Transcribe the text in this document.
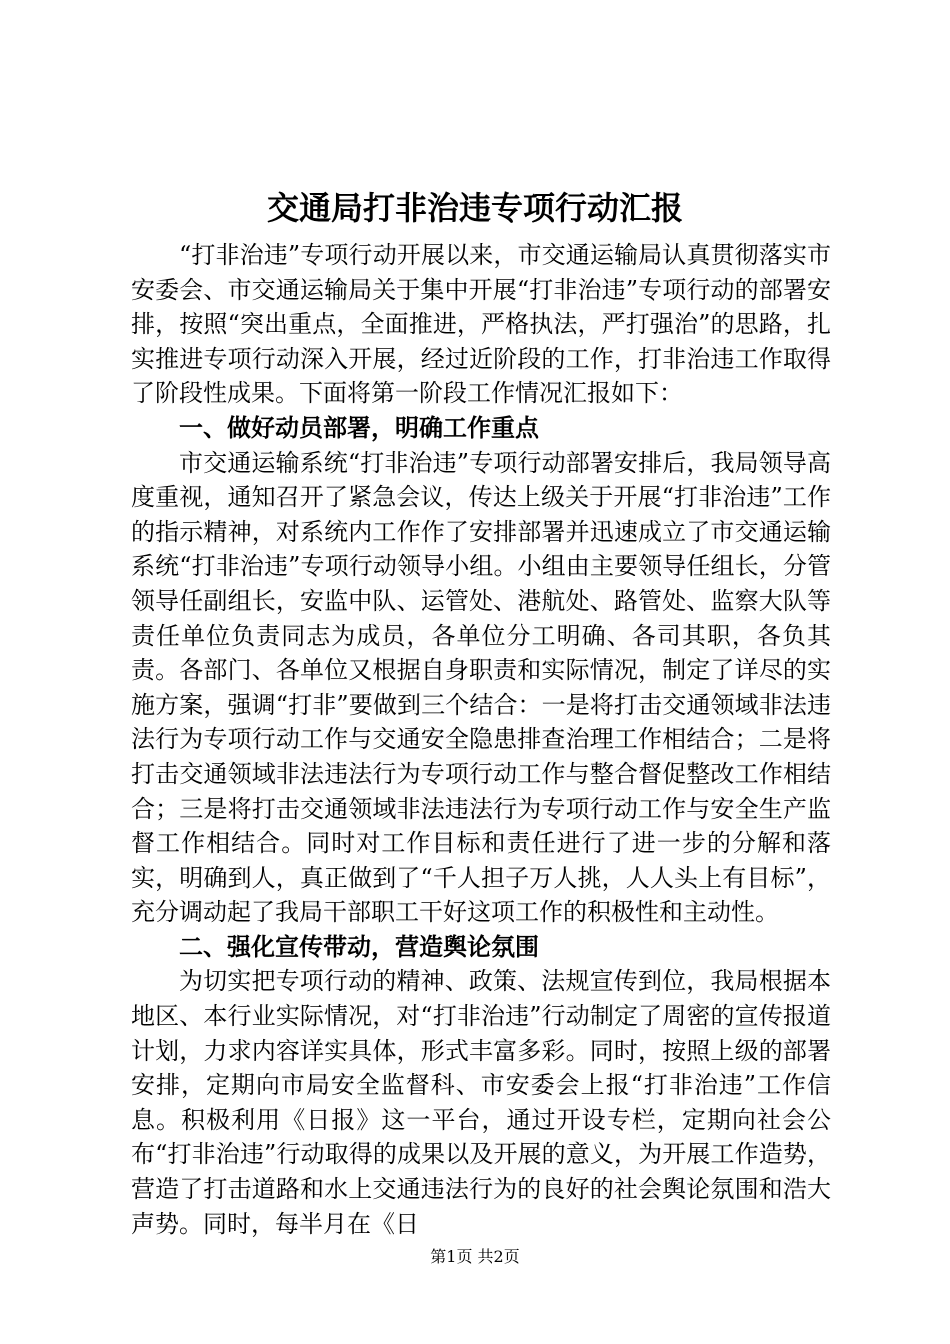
交通局打非治违专项行动汇报

“打非治违”专项行动开展以来，市交通运输局认真贯彻落实市安委会、市交通运输局关于集中开展“打非治违”专项行动的部署安排，按照“突出重点，全面推进，严格执法，严打强治”的思路，扎实推进专项行动深入开展，经过近阶段的工作，打非治违工作取得了阶段性成果。下面将第一阶段工作情况汇报如下：

一、做好动员部署，明确工作重点

市交通运输系统“打非治违”专项行动部署安排后，我局领导高度重视，通知召开了紧急会议，传达上级关于开展“打非治违”工作的指示精神，对系统内工作作了安排部署并迅速成立了市交通运输系统“打非治违”专项行动领导小组。小组由主要领导任组长，分管领导任副组长，安监中队、运管处、港航处、路管处、监察大队等责任单位负责同志为成员，各单位分工明确、各司其职，各负其责。各部门、各单位又根据自身职责和实际情况，制定了详尽的实施方案，强调“打非”要做到三个结合：一是将打击交通领域非法违法行为专项行动工作与交通安全隐患排查治理工作相结合；二是将打击交通领域非法违法行为专项行动工作与整合督促整改工作相结合；三是将打击交通领域非法违法行为专项行动工作与安全生产监督工作相结合。同时对工作目标和责任进行了进一步的分解和落实，明确到人，真正做到了“千人担子万人挑，人人头上有目标”，充分调动起了我局干部职工干好这项工作的积极性和主动性。

二、强化宣传带动，营造舆论氛围

为切实把专项行动的精神、政策、法规宣传到位，我局根据本地区、本行业实际情况，对“打非治违”行动制定了周密的宣传报道计划，力求内容详实具体，形式丰富多彩。同时，按照上级的部署安排，定期向市局安全监督科、市安委会上报“打非治违”工作信息。积极利用《日报》这一平台，通过开设专栏，定期向社会公布“打非治违”行动取得的成果以及开展的意义，为开展工作造势，营造了打击道路和水上交通违法行为的良好的社会舆论氛围和浩大声势。同时，每半月在《日

第1页 共2页
